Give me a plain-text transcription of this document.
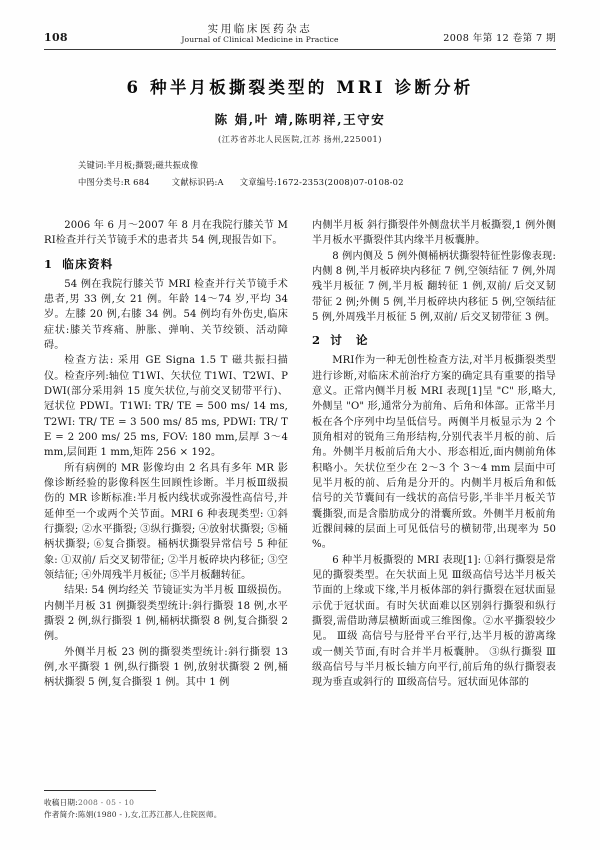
108
实用临床医药杂志
Journal of Clinical Medicine in Practice	2008 年第 12 卷第 7 期
6 种半月板撕裂类型的 MRI 诊断分析
陈 娟,叶 靖,陈明祥,王守安
(江苏省苏北人民医院,江苏 扬州,225001)
关键词:半月板;撕裂;磁共振成像
中图分类号:R 684	文献标识码:A 文章编号:1672-2353(2008)07-0108-02

2006 年 6 月～2007 年 8 月在我院行膝关节 MRI检查并行关节镜手术的患者共 54 例,现报告如下。

1 临床资料

54 例在我院行膝关节 MRI 检查并行关节镜手术患者,男 33 例,女 21 例。年龄 14～74 岁,平均 34 岁。左膝 20 例,右膝 34 例。54 例均有外伤史,临床症状:膝关节疼痛、肿胀、弹响、关节绞锁、活动障碍。

检查方法: 采用 GE Signa 1.5 T 磁共振扫描仪。检查序列:轴位 T1WI、矢状位 T1WI、T2WI、PDWI(部分采用斜 15 度矢状位,与前交叉韧带平行)、冠状位 PDWI。T1WI: TR/ TE = 500 ms/ 14 ms, T2WI: TR/ TE = 3 500 ms/ 85 ms, PDWI: TR/ TE = 2 200 ms/ 25 ms, FOV: 180 mm,层厚 3～4 mm,层间距 1 mm,矩阵 256 × 192。

所有病例的 MR 影像均由 2 名具有多年 MR 影像诊断经验的影像科医生回顾性诊断。半月板Ⅲ级损伤的 MR 诊断标准:半月板内线状或弥漫性高信号,并延伸至一个或两个关节面。MRI 6 种表现类型: ①斜行撕裂; ②水平撕裂; ③纵行撕裂; ④放射状撕裂; ⑤桶柄状撕裂; ⑥复合撕裂。桶柄状撕裂异常信号 5 种征象: ①双前/ 后交叉韧带征; ②半月板碎块内移征; ③空领结征; ④外周残半月板征; ⑤半月板翻转征。

结果: 54 例均经关 节镜证实为半月板 Ⅲ级损伤。内侧半月板 31 例撕裂类型统计:斜行撕裂 18 例,水平撕裂 2 例,纵行撕裂 1 例,桶柄状撕裂 8 例,复合撕裂 2 例。

外侧半月板 23 例的撕裂类型统计:斜行撕裂 13 例,水平撕裂 1 例,纵行撕裂 1 例,放射状撕裂 2 例,桶柄状撕裂 5 例,复合撕裂 1 例。其中 1 例

收稿日期:2008 - 05 - 10
作者简介:陈娟(1980 - ),女,江苏江都人,住院医师。

内侧半月板 斜行撕裂伴外侧盘状半月板撕裂,1 例外侧半月板水平撕裂伴其内缘半月板囊肿。

8 例内侧及 5 例外侧桶柄状撕裂特征性影像表现:内侧 8 例,半月板碎块内移征 7 例,空领结征 7 例,外周残半月板征 7 例,半月板 翻转征 1 例,双前/ 后交叉韧带征 2 例;外侧 5 例,半月板碎块内移征 5 例,空领结征 5 例,外周残半月板征 5 例,双前/ 后交叉韧带征 3 例。

2 讨 论

MRI作为一种无创性检查方法,对半月板撕裂类型进行诊断,对临床术前治疗方案的确定具有重要的指导意义。正常内侧半月板 MRI 表现[1]呈 "C" 形,略大,外侧呈 "O" 形,通常分为前角、后角和体部。正常半月板在各个序列中均呈低信号。两侧半月板显示为 2 个顶角相对的锐角三角形结构,分别代表半月板的前、后角。外侧半月板前后角大小、形态相近,面内侧前角体积略小。矢状位至少在 2～3 个 3～4 mm 层面中可见半月板的前、后角是分开的。内侧半月板后角和低信号的关节囊间有一线状的高信号影,半非半月板关节囊撕裂,而是含脂肪成分的滑囊所致。外侧半月板前角近髁间棘的层面上可见低信号的横韧带,出现率为 50 %。

6 种半月板撕裂的 MRI 表现[1]: ①斜行撕裂是常见的撕裂类型。在矢状面上见 Ⅲ级高信号达半月板关节面的上缘或下缘,半月板体部的斜行撕裂在冠状面显示优于冠状面。有时矢状面难以区别斜行撕裂和纵行撕裂,需借助薄层横断面或三维图像。②水平撕裂较少见。 Ⅲ级 高信号与胫骨平台平行,达半月板的游离缘或一侧关节面,有时合并半月板囊肿。 ③纵行撕裂 Ⅲ级高信号与半月板长轴方向平行,前后角的纵行撕裂表现为垂直或斜行的 Ⅲ级高信号。冠状面见体部的
